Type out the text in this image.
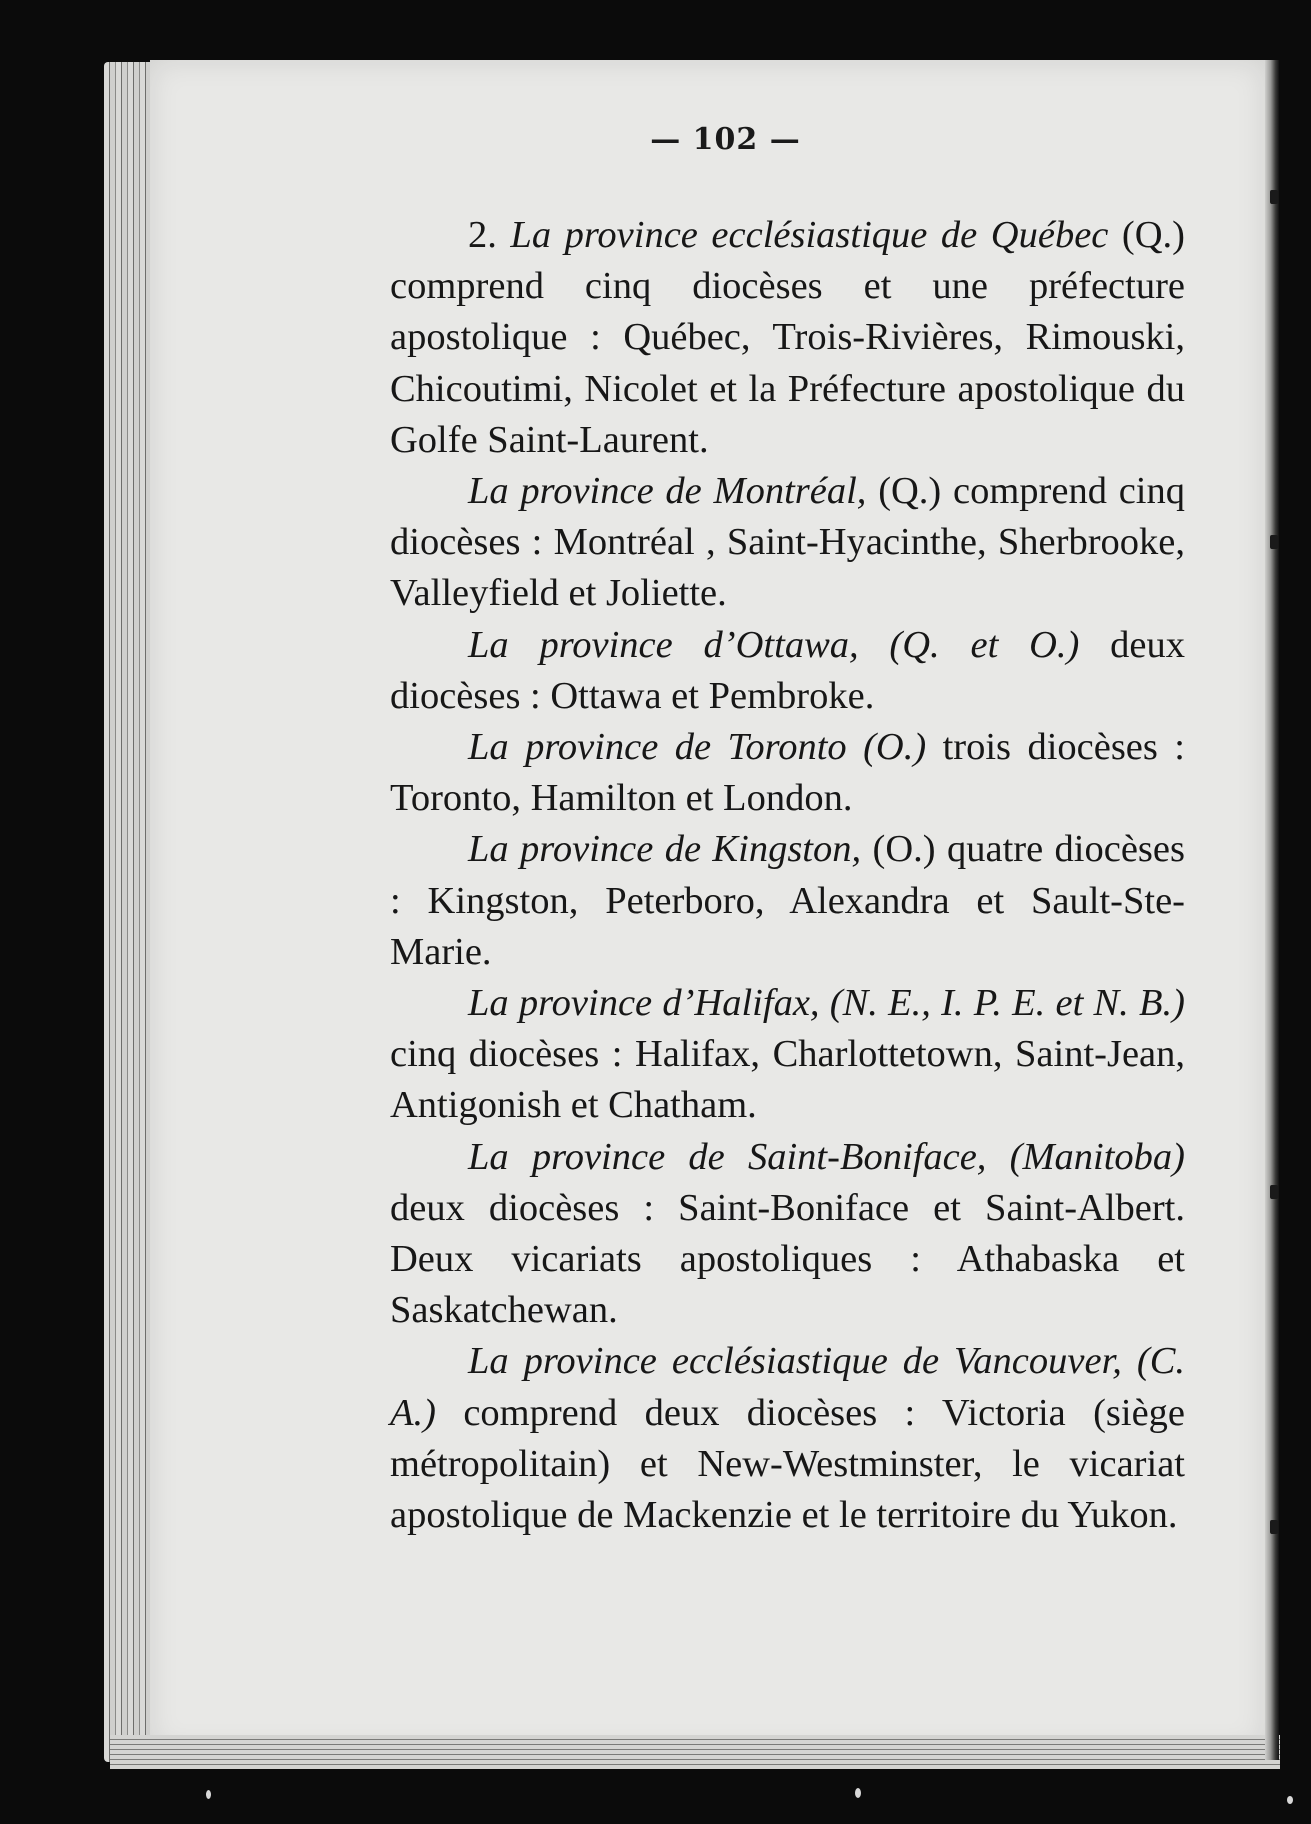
— 102 —

2. La province ecclésiastique de Québec (Q.) comprend cinq diocèses et une préfecture apostolique : Québec, Trois-Rivières, Rimouski, Chicoutimi, Nicolet et la Préfecture apostolique du Golfe Saint-Laurent.

La province de Montréal, (Q.) comprend cinq diocèses : Montréal , Saint-Hyacinthe, Sherbrooke, Valleyfield et Joliette.

La province d’Ottawa, (Q. et O.) deux diocèses : Ottawa et Pembroke.

La province de Toronto (O.) trois diocèses : Toronto, Hamilton et London.

La province de Kingston, (O.) quatre diocèses : Kingston, Peterboro, Alexandra et Sault-Ste-Marie.

La province d’Halifax, (N. E., I. P. E. et N. B.) cinq diocèses : Halifax, Charlottetown, Saint-Jean, Antigonish et Chatham.

La province de Saint-Boniface, (Manitoba) deux diocèses : Saint-Boniface et Saint-Albert. Deux vicariats apostoliques : Athabaska et Saskatchewan.

La province ecclésiastique de Vancouver, (C. A.) comprend deux diocèses : Victoria (siège métropolitain) et New-Westminster, le vicariat apostolique de Mackenzie et le territoire du Yukon.
